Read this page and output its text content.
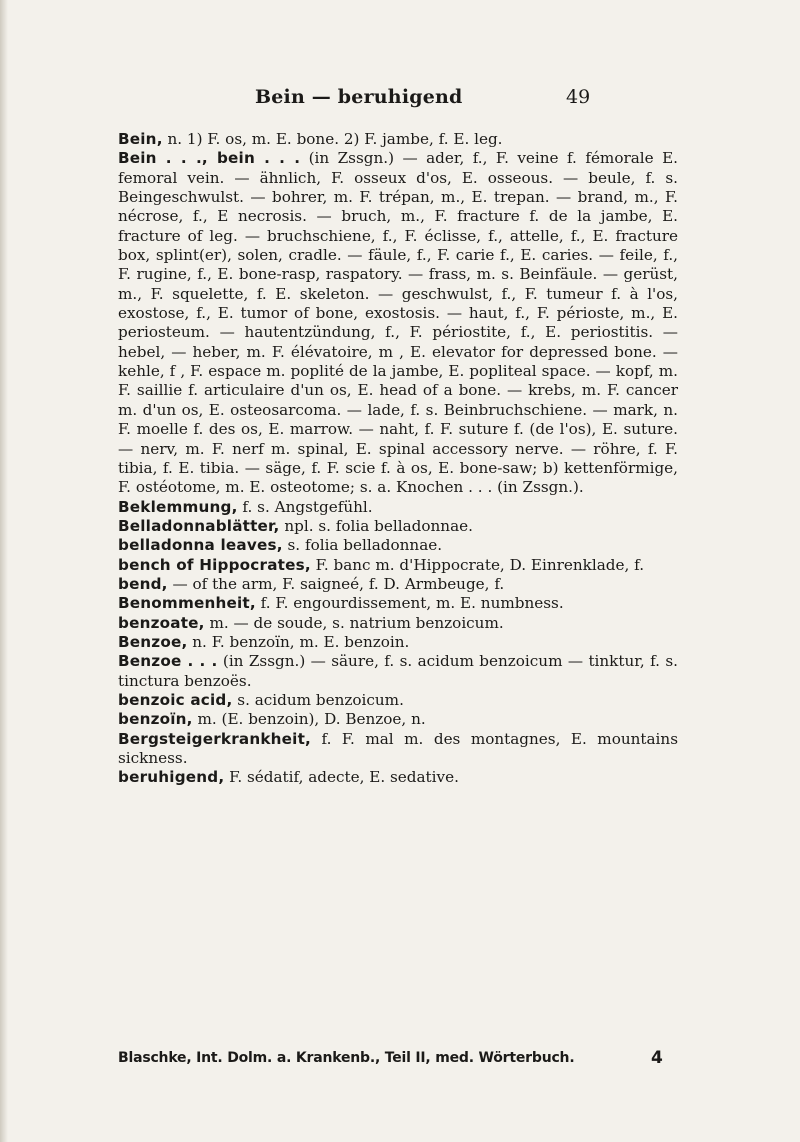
Bein — beruhigend	49

Bein, n. 1) F. os, m. E. bone. 2) F. jambe, f. E. leg.

Bein . . ., bein . . . (in Zssgn.) — ader, f., F. veine f. fémorale E. femoral vein. — ähnlich, F. osseux d'os, E. osseous. — beule, f. s. Beingeschwulst. — bohrer, m. F. trépan, m., E. trepan. — brand, m., F. nécrose, f., E necrosis. — bruch, m., F. fracture f. de la jambe, E. fracture of leg. — bruchschiene, f., F. éclisse, f., attelle, f., E. fracture box, splint(er), solen, cradle. — fäule, f., F. carie f., E. caries. — feile, f., F. rugine, f., E. bone-rasp, raspatory. — frass, m. s. Beinfäule. — gerüst, m., F. squelette, f. E. skeleton. — geschwulst, f., F. tumeur f. à l'os, exostose, f., E. tumor of bone, exostosis. — haut, f., F. périoste, m., E. periosteum. — hautentzündung, f., F. périostite, f., E. periostitis. — hebel, — heber, m. F. élévatoire, m , E. elevator for depressed bone. — kehle, f , F. espace m. poplité de la jambe, E. popliteal space. — kopf, m. F. saillie f. articulaire d'un os, E. head of a bone. — krebs, m. F. cancer m. d'un os, E. osteosarcoma. — lade, f. s. Beinbruchschiene. — mark, n. F. moelle f. des os, E. marrow. — naht, f. F. suture f. (de l'os), E. suture. — nerv, m. F. nerf m. spinal, E. spinal accessory nerve. — röhre, f. F. tibia, f. E. tibia. — säge, f. F. scie f. à os, E. bone-saw; b) kettenförmige, F. ostéotome, m. E. osteotome; s. a. Knochen . . . (in Zssgn.).

Beklemmung, f. s. Angstgefühl.

Belladonnablätter, npl. s. folia belladonnae.

belladonna leaves, s. folia belladonnae.

bench of Hippocrates, F. banc m. d'Hippocrate, D. Einrenklade, f.

bend, — of the arm, F. saigneé, f. D. Armbeuge, f.

Benommenheit, f. F. engourdissement, m. E. numbness.

benzoate, m. — de soude, s. natrium benzoicum.

Benzoe, n. F. benzoïn, m. E. benzoin.

Benzoe . . . (in Zssgn.) — säure, f. s. acidum benzoicum — tinktur, f. s. tinctura benzoës.

benzoic acid, s. acidum benzoicum.

benzoïn, m. (E. benzoin), D. Benzoe, n.

Bergsteigerkrankheit, f. F. mal m. des montagnes, E. mountains sickness.

beruhigend, F. sédatif, adecte, E. sedative.

Blaschke, Int. Dolm. a. Krankenb., Teil II, med. Wörterbuch.	4
